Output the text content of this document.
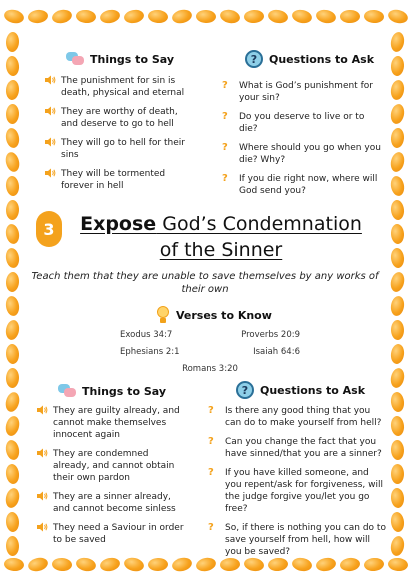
Things to Say
The punishment for sin is death, physical and eternal
They are worthy of death, and deserve to go to hell
They will go to hell for their sins
They will be tormented forever in hell
?	Questions to Ask
? What is God’s punishment for your sin?
? Do you deserve to live or to die?
? Where should you go when you die? Why?
? If you die right now, where will God send you?
3	Expose God’s Condemnation
of the Sinner
Teach them that they are unable to save themselves by any works of their own
Verses to Know
Exodus 34:7	Proverbs 20:9
Ephesians 2:1	Isaiah 64:6
Romans 3:20
Things to Say
They are guilty already, and cannot make themselves innocent again
They are condemned already, and cannot obtain their own pardon
They are a sinner already, and cannot become sinless
They need a Saviour in order to be saved
?	Questions to Ask
? Is there any good thing that you can do to make yourself from hell?
? Can you change the fact that you have sinned/that you are a sinner?
? If you have killed someone, and you repent/ask for forgiveness, will the judge forgive you/let you go free?
? So, if there is nothing you can do to save yourself from hell, how will you be saved?
